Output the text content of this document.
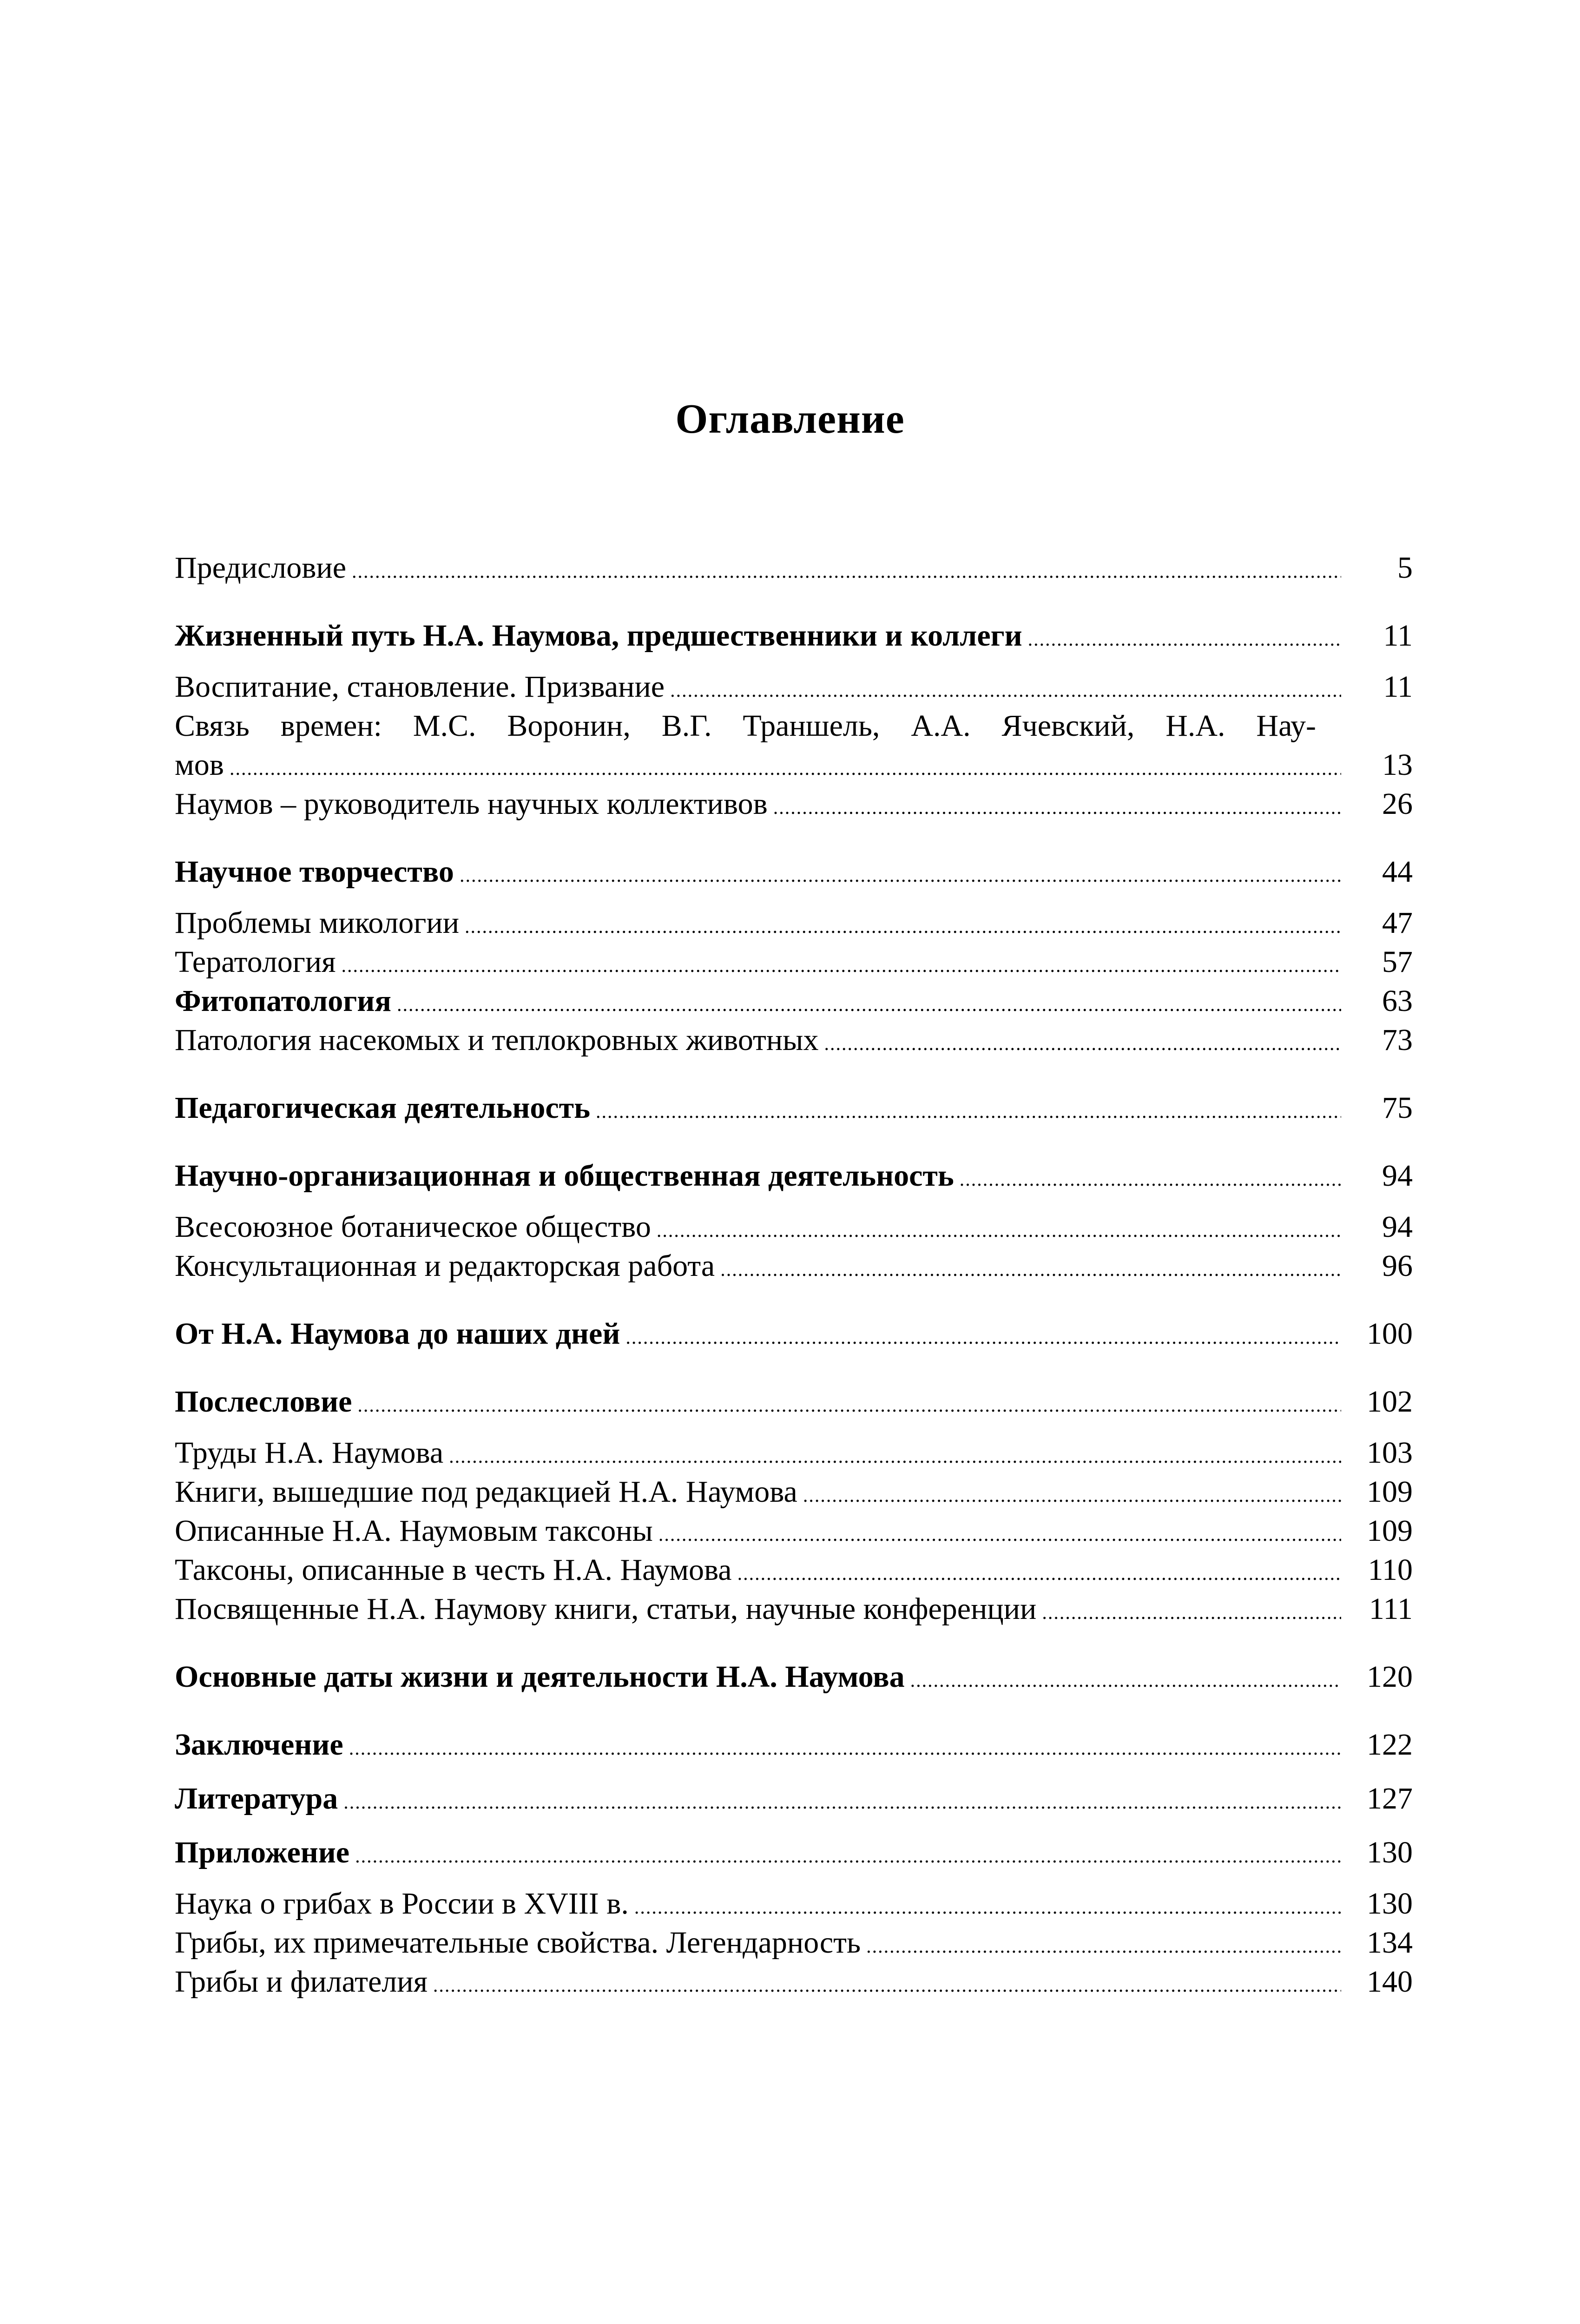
Оглавление
Предисловие .....	5
Жизненный путь Н.А. Наумова, предшественники и коллеги .....	11
Воспитание, становление. Призвание .....	11
Связь времен: М.С. Воронин, В.Г. Траншель, А.А. Ячевский, Н.А. Нау-
мов .....	13
Наумов – руководитель научных коллективов .....	26
Научное творчество .....	44
Проблемы микологии .....	47
Тератология .....	57
Фитопатология .....	63
Патология насекомых и теплокровных животных .....	73
Педагогическая деятельность .....	75
Научно-организационная и общественная деятельность .....	94
Всесоюзное ботаническое общество .....	94
Консультационная и редакторская работа .....	96
От Н.А. Наумова до наших дней .....	100
Послесловие .....	102
Труды Н.А. Наумова .....	103
Книги, вышедшие под редакцией Н.А. Наумова .....	109
Описанные Н.А. Наумовым таксоны .....	109
Таксоны, описанные в честь Н.А. Наумова .....	110
Посвященные Н.А. Наумову книги, статьи, научные конференции .....	111
Основные даты жизни и деятельности Н.А. Наумова .....	120
Заключение .....	122
Литература .....	127
Приложение .....	130
Наука о грибах в России в XVIII в. .....	130
Грибы, их примечательные свойства. Легендарность .....	134
Грибы и филателия .....	140
